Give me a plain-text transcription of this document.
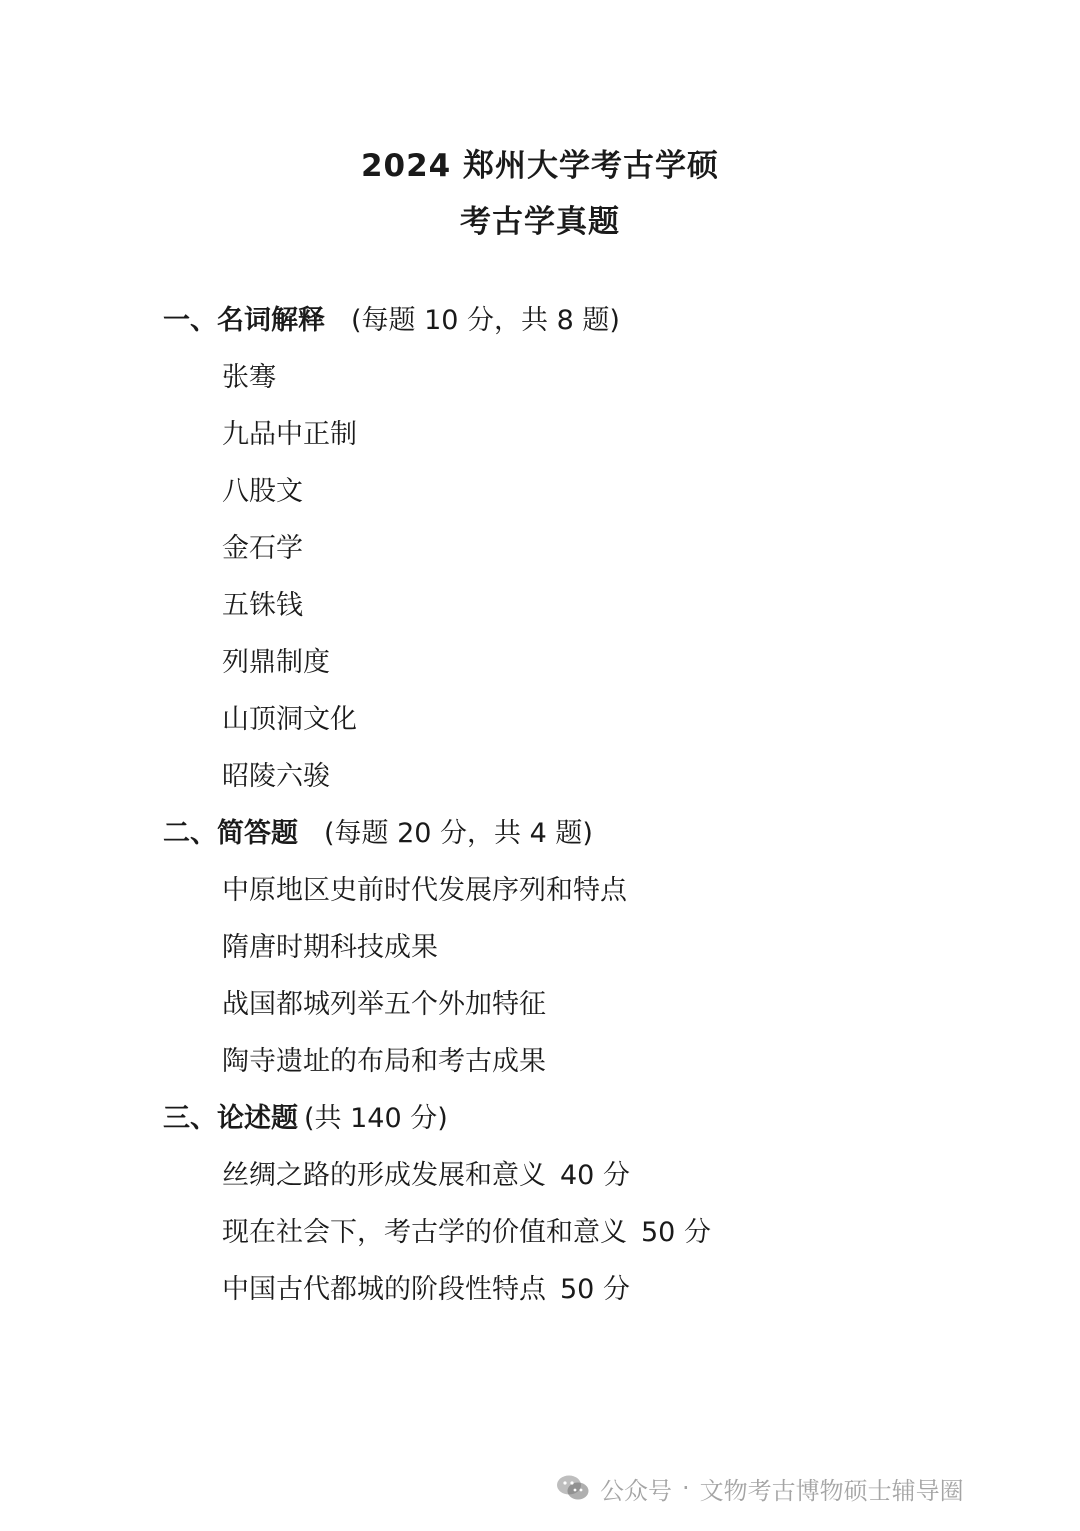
2024 郑州大学考古学硕
考古学真题
一、名词解释 (每题 10 分，共 8 题)
张骞
九品中正制
八股文
金石学
五铢钱
列鼎制度
山顶洞文化
昭陵六骏
二、简答题 (每题 20 分，共 4 题)
中原地区史前时代发展序列和特点
隋唐时期科技成果
战国都城列举五个外加特征
陶寺遗址的布局和考古成果
三、论述题 (共 140 分)
丝绸之路的形成发展和意义 40 分
现在社会下，考古学的价值和意义 50 分
中国古代都城的阶段性特点 50 分
公众号 · 文物考古博物硕士辅导圈
